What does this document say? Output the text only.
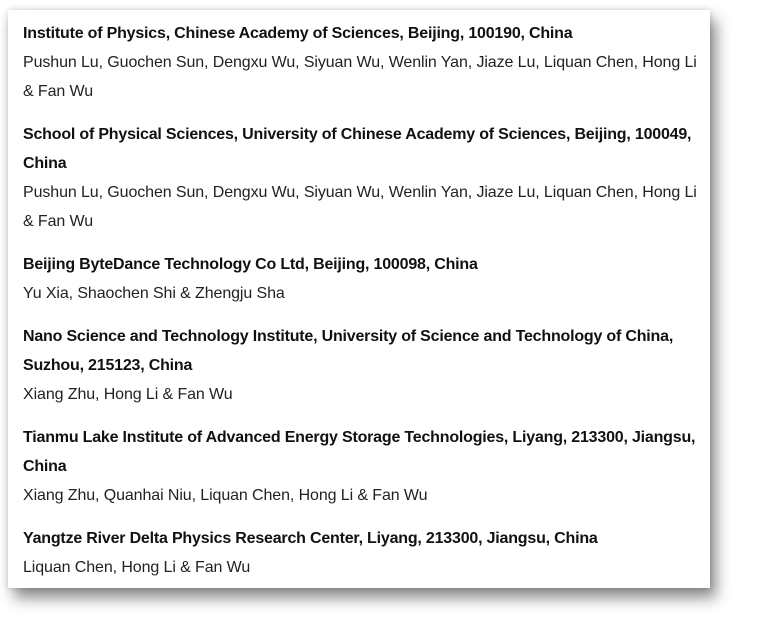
Institute of Physics, Chinese Academy of Sciences, Beijing, 100190, China
Pushun Lu, Guochen Sun, Dengxu Wu, Siyuan Wu, Wenlin Yan, Jiaze Lu, Liquan Chen, Hong Li & Fan Wu
School of Physical Sciences, University of Chinese Academy of Sciences, Beijing, 100049, China
Pushun Lu, Guochen Sun, Dengxu Wu, Siyuan Wu, Wenlin Yan, Jiaze Lu, Liquan Chen, Hong Li & Fan Wu
Beijing ByteDance Technology Co Ltd, Beijing, 100098, China
Yu Xia, Shaochen Shi & Zhengju Sha
Nano Science and Technology Institute, University of Science and Technology of China, Suzhou, 215123, China
Xiang Zhu, Hong Li & Fan Wu
Tianmu Lake Institute of Advanced Energy Storage Technologies, Liyang, 213300, Jiangsu, China
Xiang Zhu, Quanhai Niu, Liquan Chen, Hong Li & Fan Wu
Yangtze River Delta Physics Research Center, Liyang, 213300, Jiangsu, China
Liquan Chen, Hong Li & Fan Wu
